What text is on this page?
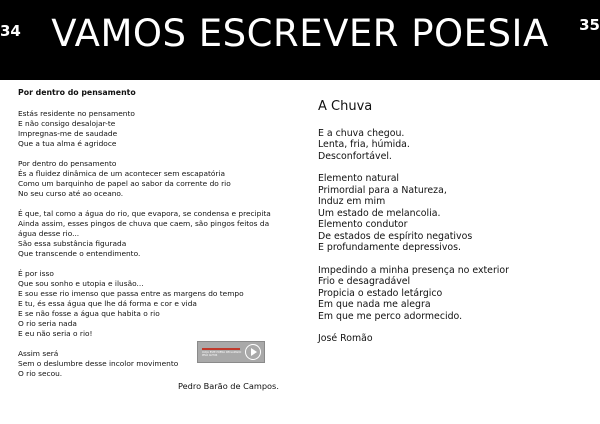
34 VAMOS ESCREVER POESIA	35
Por dentro do pensamento
Estás residente no pensamento
E não consigo desalojar-te
Impregnas-me de saudade
Que a tua alma é agridoce
Por dentro do pensamento
És a fluidez dinâmica de um acontecer sem escapatória
Como um barquinho de papel ao sabor da corrente do rio
No seu curso até ao oceano.
É que, tal como a água do rio, que evapora, se condensa e precipita
Ainda assim, esses pingos de chuva que caem, são pingos feitos da água desse rio...
São essa substância figurada
Que transcende o entendimento.
É por isso
Que sou sonho e utopia e ilusão...
E sou esse rio imenso que passa entre as margens do tempo
E tu, és essa água que lhe dá forma e cor e vida
E se não fosse a água que habita o rio
O rio seria nada
E eu não seria o rio!
Assim será
Sem o deslumbre desse incolor movimento
O rio secou.
OUÇA ESTE POEMA DECLAMADO PELO AUTOR
Pedro Barão de Campos.
A Chuva
E a chuva chegou.
Lenta, fria, húmida.
Desconfortável.
Elemento natural
Primordial para a Natureza,
Induz em mim
Um estado de melancolia.
Elemento condutor
De estados de espírito negativos
E profundamente depressivos.
Impedindo a minha presença no exterior
Frio e desagradável
Propicia o estado letárgico
Em que nada me alegra
Em que me perco adormecido.
José Romão
